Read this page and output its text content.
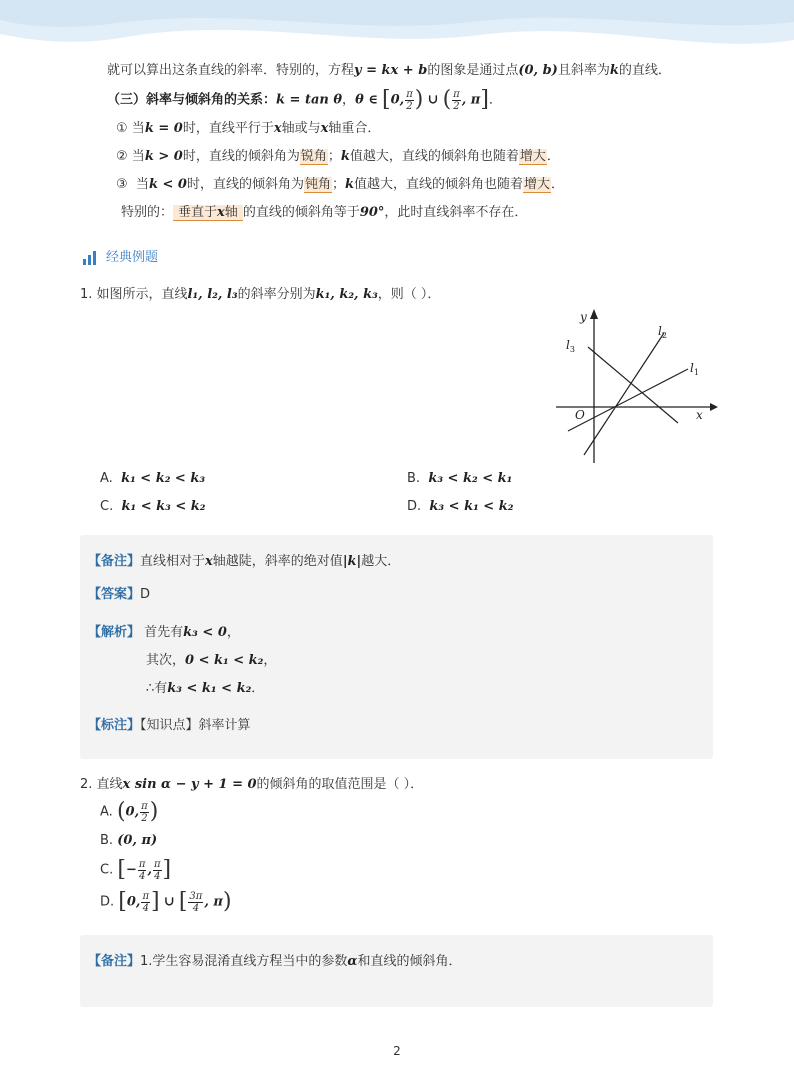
就可以算出这条直线的斜率．特别的，方程y = kx + b的图象是通过点(0, b)且斜率为k的直线．
（三）斜率与倾斜角的关系：k = tan θ，θ ∈ [0, $\frac{\pi}{2}$ ) ∪ ( $\frac{\pi}{2}$ , π]．
① 当k = 0时，直线平行于x轴或与x轴重合．
② 当k > 0时，直线的倾斜角为锐角；k值越大，直线的倾斜角也随着增大．
③ 当k < 0时，直线的倾斜角为钝角；k值越大，直线的倾斜角也随着增大．
特别的： 垂直于x轴 的直线的倾斜角等于90°，此时直线斜率不存在．
经典例题
1. 如图所示，直线l₁, l₂, l₃的斜率分别为k₁, k₂, k₃，则（ ）．
y
x
O
$l_1$
$l_2$
$l_3$
A. k₁ < k₂ < k₃	B. k₃ < k₂ < k₁
C. k₁ < k₃ < k₂	D. k₃ < k₁ < k₂
【备注】直线相对于x轴越陡，斜率的绝对值|k|越大．
【答案】D
【解析】 首先有k₃ < 0，
其次，0 < k₁ < k₂，
∴有k₃ < k₁ < k₂．
【标注】【知识点】斜率计算
2. 直线x sin α − y + 1 = 0的倾斜角的取值范围是（ ）．
A. (0, $\frac{\pi}{2}$ )
B. (0, π)
C. [− $\frac{\pi}{4}$ , $\frac{\pi}{4}$ ]
D. [0, $\frac{\pi}{4}$ ] ∪ [ $\frac{3\pi}{4}$ , π)
【备注】1.学生容易混淆直线方程当中的参数α和直线的倾斜角．
2
